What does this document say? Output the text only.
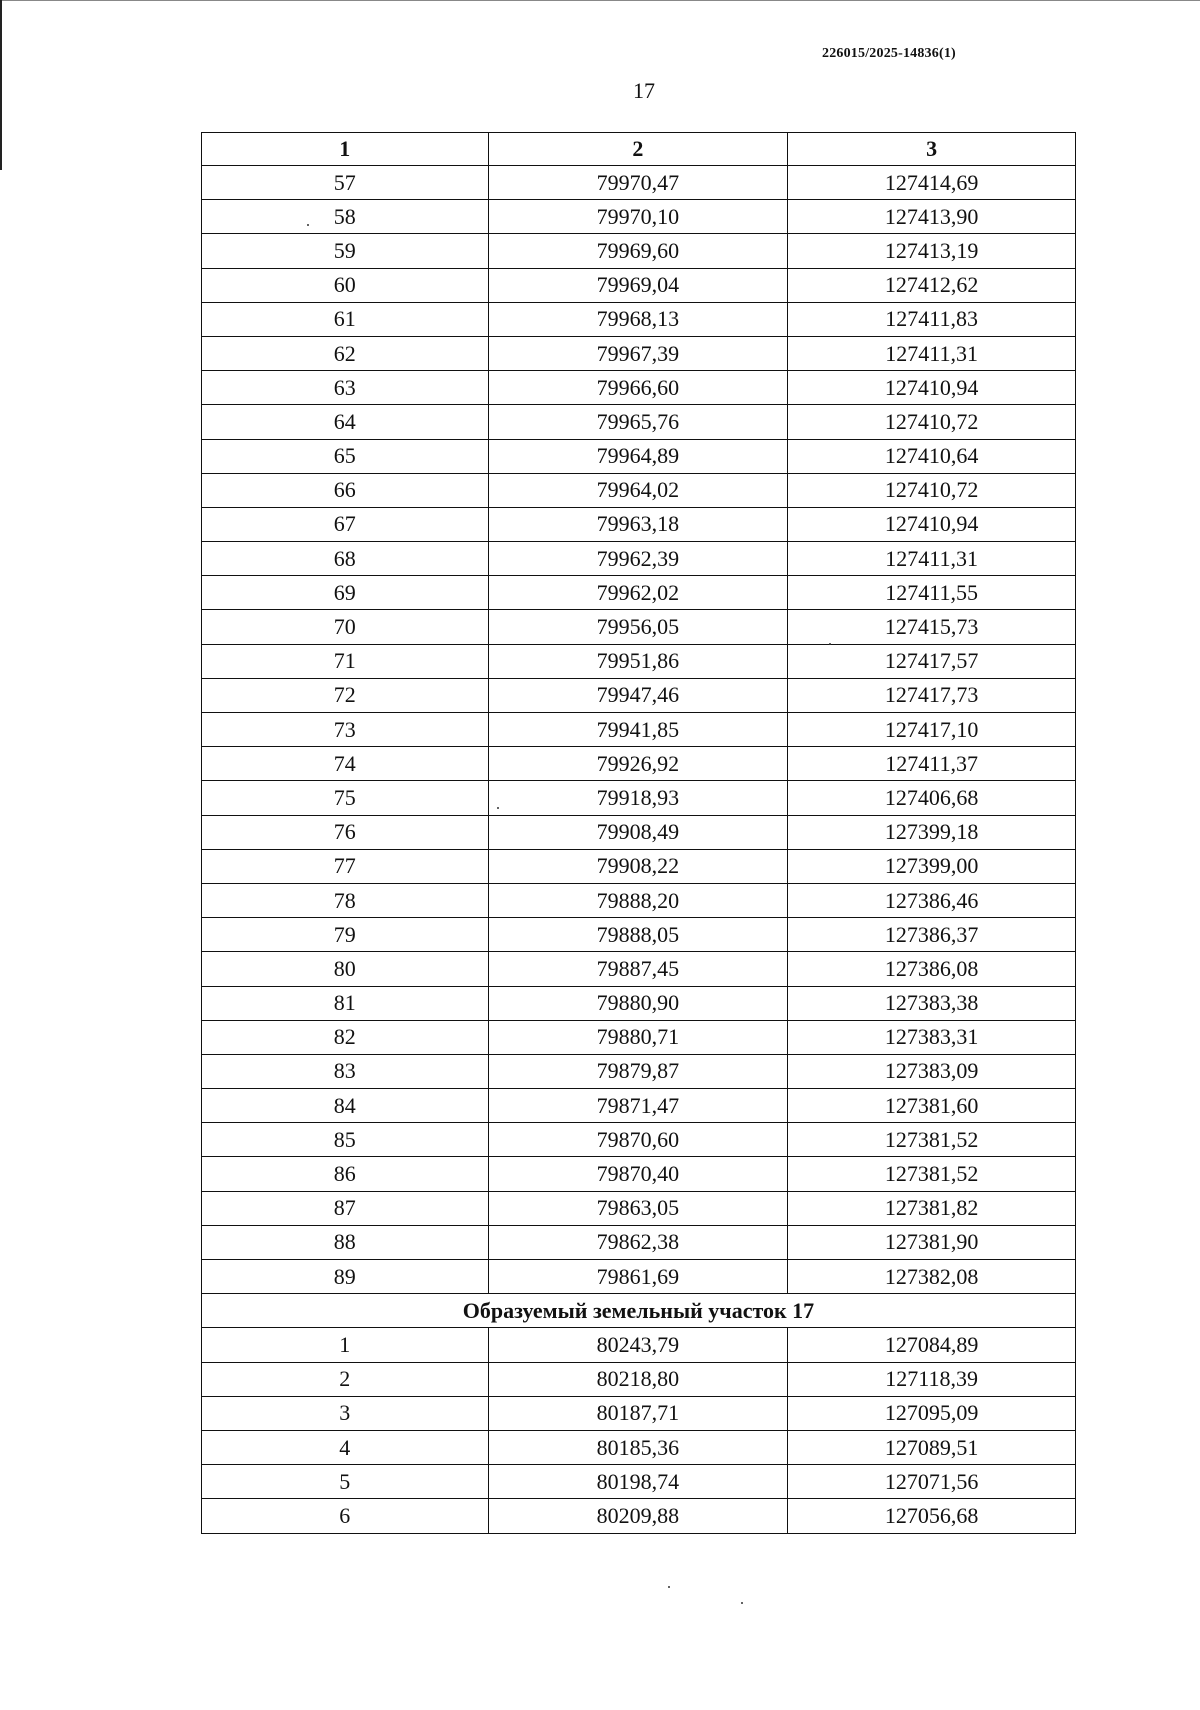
226015/2025-14836(1)
17
1	2	3
57	79970,47	127414,69
58	79970,10	127413,90
59	79969,60	127413,19
60	79969,04	127412,62
61	79968,13	127411,83
62	79967,39	127411,31
63	79966,60	127410,94
64	79965,76	127410,72
65	79964,89	127410,64
66	79964,02	127410,72
67	79963,18	127410,94
68	79962,39	127411,31
69	79962,02	127411,55
70	79956,05	127415,73
71	79951,86	127417,57
72	79947,46	127417,73
73	79941,85	127417,10
74	79926,92	127411,37
75	79918,93	127406,68
76	79908,49	127399,18
77	79908,22	127399,00
78	79888,20	127386,46
79	79888,05	127386,37
80	79887,45	127386,08
81	79880,90	127383,38
82	79880,71	127383,31
83	79879,87	127383,09
84	79871,47	127381,60
85	79870,60	127381,52
86	79870,40	127381,52
87	79863,05	127381,82
88	79862,38	127381,90
89	79861,69	127382,08
Образуемый земельный участок 17		
1	80243,79	127084,89
2	80218,80	127118,39
3	80187,71	127095,09
4	80185,36	127089,51
5	80198,74	127071,56
6	80209,88	127056,68
